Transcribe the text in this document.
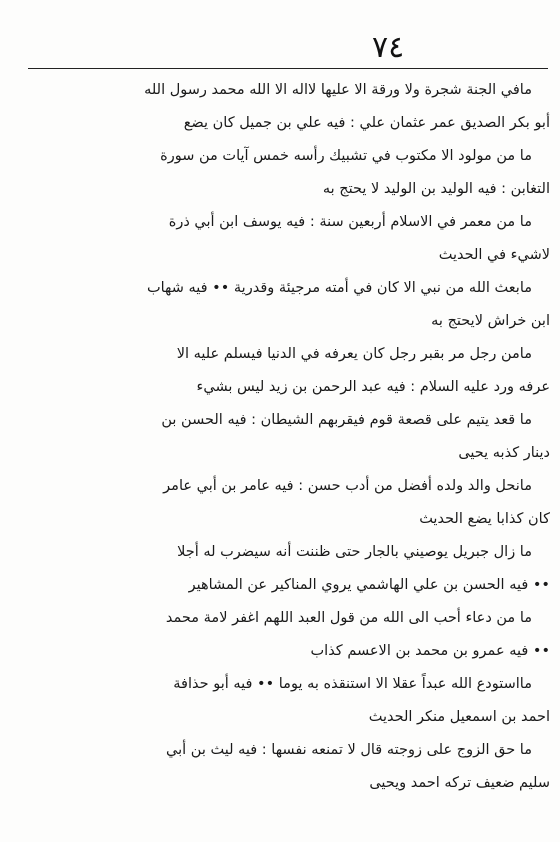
٧٤
مافي الجنة شجرة ولا ورقة الا عليها لااله الا الله محمد رسول الله
أبو بكر الصديق عمر عثمان علي : فيه علي بن جميل كان يضع
ما من مولود الا مكتوب في تشبيك رأسه خمس آيات من سورة
التغابن : فيه الوليد بن الوليد لا يحتج به
ما من معمر في الاسلام أربعين سنة : فيه يوسف ابن أبي ذرة
لاشيء في الحديث
مابعث الله من نبي الا كان في أمته مرجيئة وقدرية •• فيه شهاب
ابن خراش لايحتج به
مامن رجل مر بقبر رجل كان يعرفه في الدنيا فيسلم عليه الا
عرفه ورد عليه السلام : فيه عبد الرحمن بن زيد ليس بشيء
ما قعد يتيم على قصعة قوم فيقربهم الشيطان : فيه الحسن بن
دينار كذبه يحيى
مانحل والد ولده أفضل من أدب حسن : فيه عامر بن أبي عامر
كان كذابا يضع الحديث
ما زال جبريل يوصيني بالجار حتى ظننت أنه سيضرب له أجلا
•• فيه الحسن بن علي الهاشمي يروي المناكير عن المشاهير
ما من دعاء أحب الى الله من قول العبد اللهم اغفر لامة محمد
•• فيه عمرو بن محمد بن الاعسم كذاب
مااستودع الله عبداً عقلا الا استنقذه به يوما •• فيه أبو حذافة
احمد بن اسمعيل منكر الحديث
ما حق الزوج على زوجته قال لا تمنعه نفسها : فيه ليث بن أبي
سليم ضعيف تركه احمد ويحيى
